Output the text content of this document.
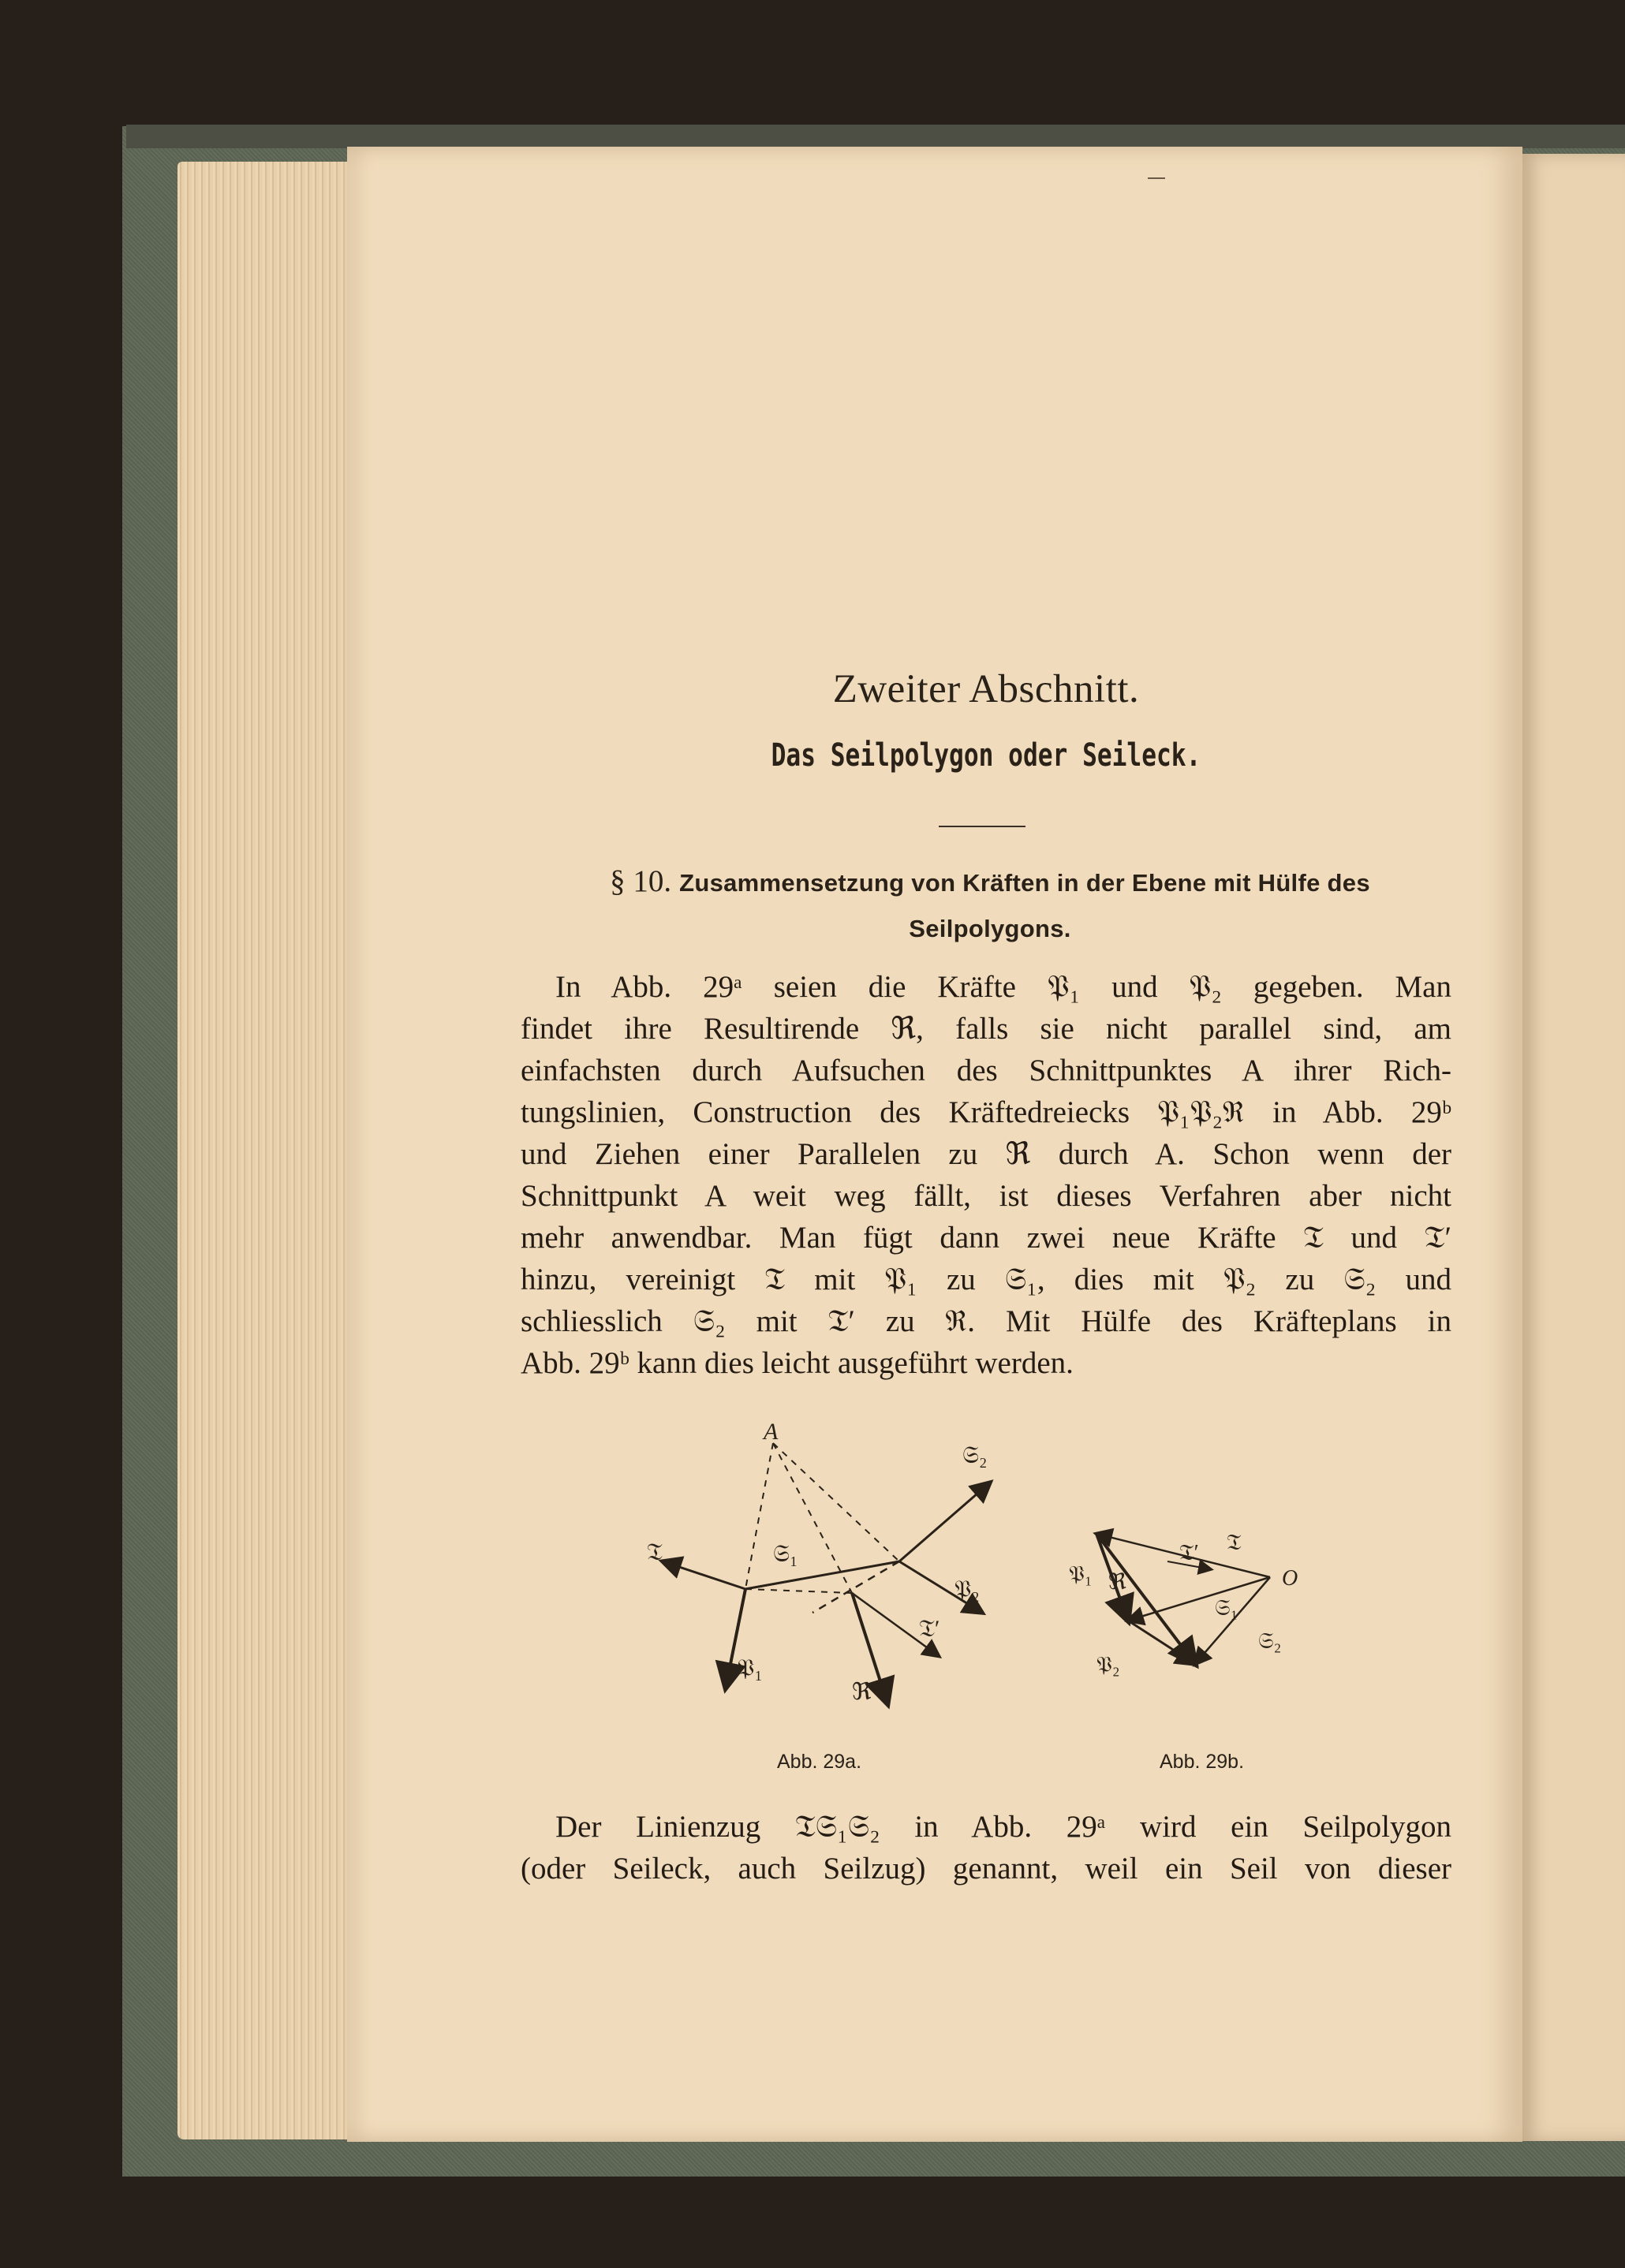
Zweiter Abschnitt.
Das Seilpolygon oder Seileck.
§ 10. Zusammensetzung von Kräften in der Ebene mit Hülfe des Seilpolygons.
In Abb. 29ᵃ seien die Kräfte 𝔓₁ und 𝔓₂ gegeben. Man
findet ihre Resultirende ℜ, falls sie nicht parallel sind, am
einfachsten durch Aufsuchen des Schnittpunktes A ihrer Rich-
tungslinien, Construction des Kräftedreiecks 𝔓₁𝔓₂ℜ in Abb. 29ᵇ
und Ziehen einer Parallelen zu ℜ durch A. Schon wenn der
Schnittpunkt A weit weg fällt, ist dieses Verfahren aber nicht
mehr anwendbar. Man fügt dann zwei neue Kräfte 𝔗 und 𝔗′
hinzu, vereinigt 𝔗 mit 𝔓₁ zu 𝔖₁, dies mit 𝔓₂ zu 𝔖₂ und
schliesslich 𝔖₂ mit 𝔗′ zu ℜ. Mit Hülfe des Kräfteplans in
Abb. 29ᵇ kann dies leicht ausgeführt werden.
A
𝔖₂
𝔗	𝔖₁
𝔓₂
𝔗′
𝔓₁
ℜ
𝔓₁ ℜ
𝔗′ 𝔗
O
𝔖₁
𝔖₂
𝔓₂
Abb. 29a.	Abb. 29b.
Der Linienzug 𝔗𝔖₁𝔖₂ in Abb. 29ᵃ wird ein Seilpolygon
(oder Seileck, auch Seilzug) genannt, weil ein Seil von dieser
